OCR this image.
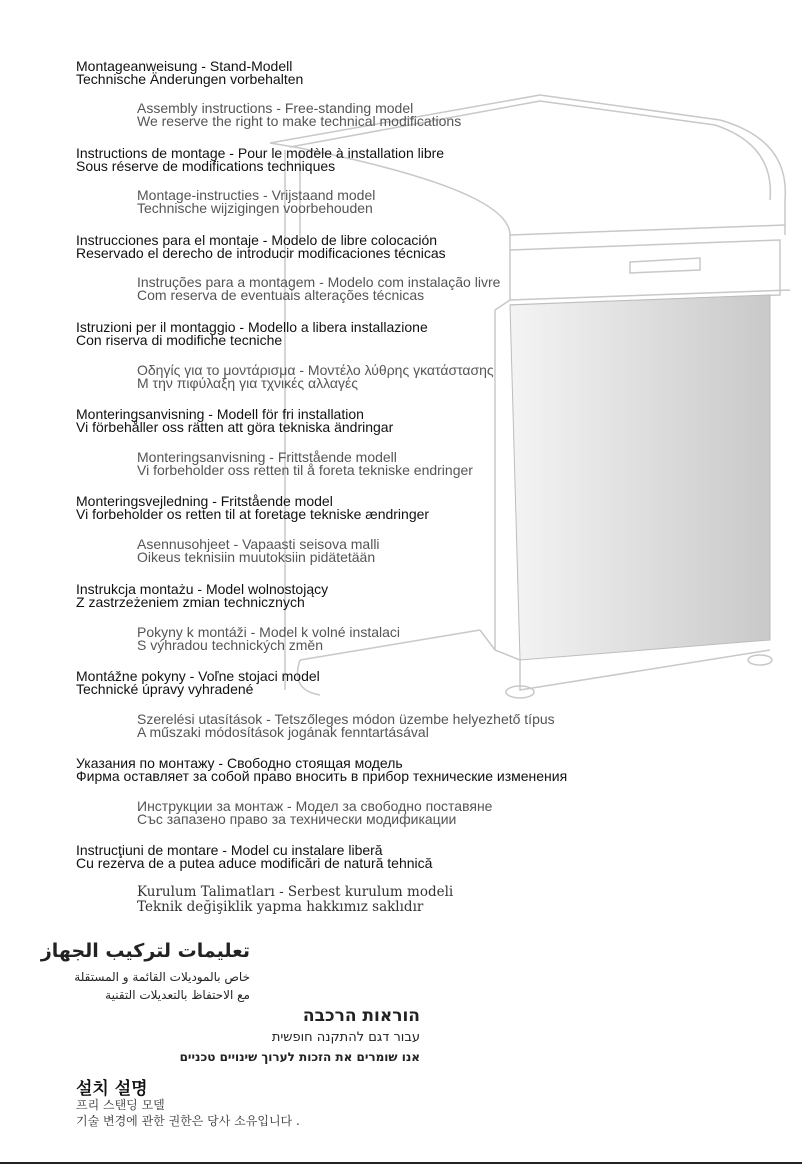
Montageanweisung - Stand-Modell
Technische Änderungen vorbehalten
Assembly instructions - Free-standing model
We reserve the right to make technical modifications
Instructions de montage - Pour le modèle à installation libre
Sous réserve de modifications techniques
Montage-instructies - Vrijstaand model
Technische wijzigingen voorbehouden
Instrucciones para el montaje - Modelo de libre colocación
Reservado el derecho de introducir modificaciones técnicas
Instruções para a montagem - Modelo com instalação livre
Com reserva de eventuais alterações técnicas
Istruzioni per il montaggio - Modello a libera installazione
Con riserva di modifiche tecniche
Οδηγίς για το μοντάρισμα - Μοντέλο λύθρης γκατάστασης
Μ την πιφύλαξη για τχνικές αλλαγές
Monteringsanvisning - Modell för fri installation
Vi förbehåller oss rätten att göra tekniska ändringar
Monteringsanvisning - Frittstående modell
Vi forbeholder oss retten til å foreta tekniske endringer
Monteringsvejledning - Fritstående model
Vi forbeholder os retten til at foretage tekniske ændringer
Asennusohjeet - Vapaasti seisova malli
Oikeus teknisiin muutoksiin pidätetään
Instrukcja montażu - Model wolnostojący
Z zastrzeżeniem zmian technicznych
Pokyny k montáži - Model k volné instalaci
S výhradou technických změn
Montážne pokyny - Voľne stojaci model
Technické úpravy vyhradené
Szerelési utasítások - Tetszőleges módon üzembe helyezhető típus
A műszaki módosítások jogának fenntartásával
Указания по монтажу - Свободно стоящая модель
Фирма оставляет за собой право вносить в прибор технические изменения
Инструкции за монтаж - Модел за свободно поставяне
Със запазено право за технически модификации
Instrucţiuni de montare - Model cu instalare liberă
Cu rezerva de a putea aduce modificări de natură tehnică
Kurulum Talimatları - Serbest kurulum modeli
Teknik değişiklik yapma hakkımız saklıdır
تعليمات لتركيب الجهاز
خاص بالموديلات القائمة و المستقلة
مع الاحتفاظ بالتعديلات التقنية
הוראות הרכבה
עבור דגם להתקנה חופשית
אנו שומרים את הזכות לערוך שינויים טכניים
설치 설명
프리 스탠딩 모델
기술 변경에 관한 권한은 당사 소유입니다 .
